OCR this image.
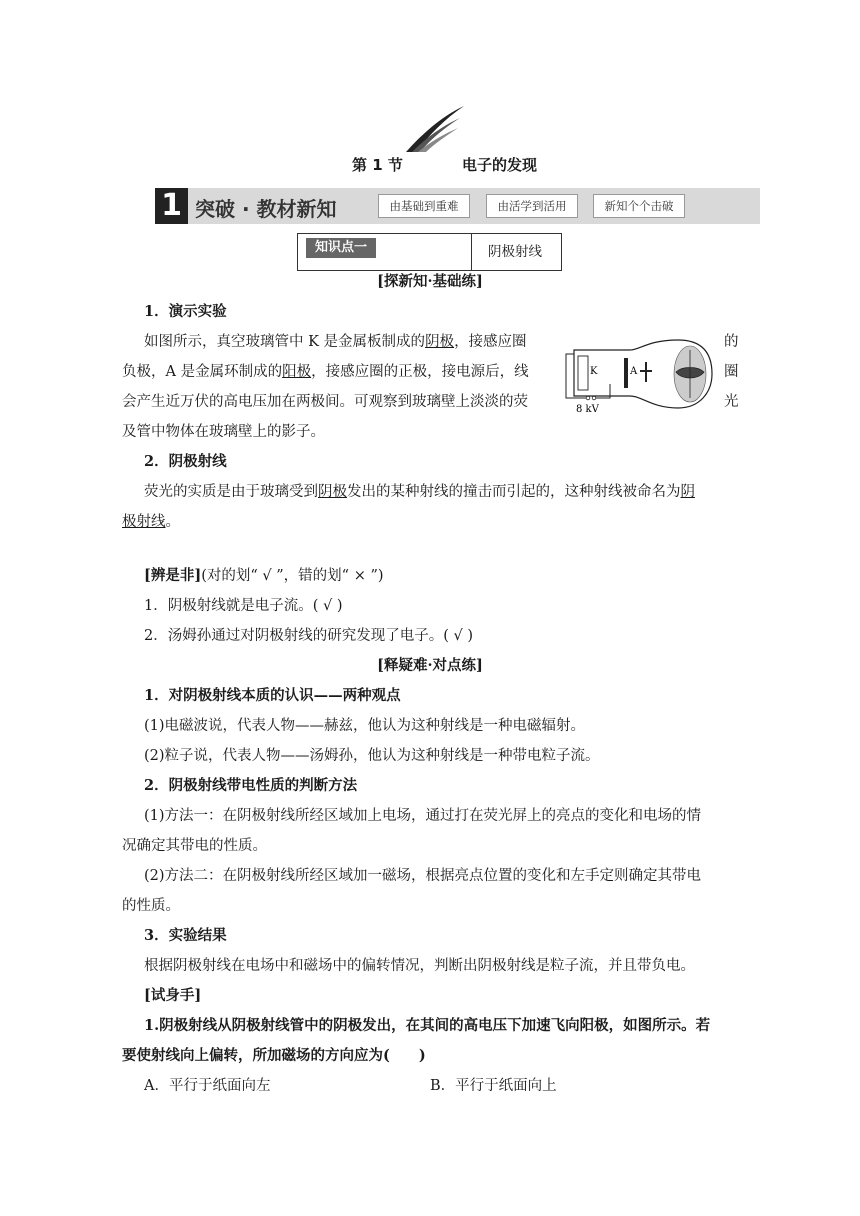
第 1 节	电子的发现
1 突破 · 教材新知	由基础到重难	由活学到活用	新知个个击破
知识点一	阴极射线
[探新知·基础练]
1．演示实验
如图所示，真空玻璃管中 K 是金属板制成的阴极，接感应圈	的
负极，A 是金属环制成的阳极，接感应圈的正极，接电源后，线	圈
会产生近万伏的高电压加在两极间。可观察到玻璃壁上淡淡的荧	光
及管中物体在玻璃壁上的影子。
K	A
8 kV
2．阴极射线
荧光的实质是由于玻璃受到阴极发出的某种射线的撞击而引起的，这种射线被命名为阴
极射线。
[辨是非](对的划“ √ ”，错的划“ × ”)
1．阴极射线就是电子流。( √ )
2．汤姆孙通过对阴极射线的研究发现了电子。( √ )
[释疑难·对点练]
1．对阴极射线本质的认识——两种观点
(1)电磁波说，代表人物——赫兹，他认为这种射线是一种电磁辐射。
(2)粒子说，代表人物——汤姆孙，他认为这种射线是一种带电粒子流。
2．阴极射线带电性质的判断方法
(1)方法一：在阴极射线所经区域加上电场，通过打在荧光屏上的亮点的变化和电场的情
况确定其带电的性质。
(2)方法二：在阴极射线所经区域加一磁场，根据亮点位置的变化和左手定则确定其带电
的性质。
3．实验结果
根据阴极射线在电场中和磁场中的偏转情况，判断出阴极射线是粒子流，并且带负电。
[试身手]
1.阴极射线从阴极射线管中的阴极发出，在其间的高电压下加速飞向阳极，如图所示。若
要使射线向上偏转，所加磁场的方向应为(　　)
A．平行于纸面向左	B．平行于纸面向上
